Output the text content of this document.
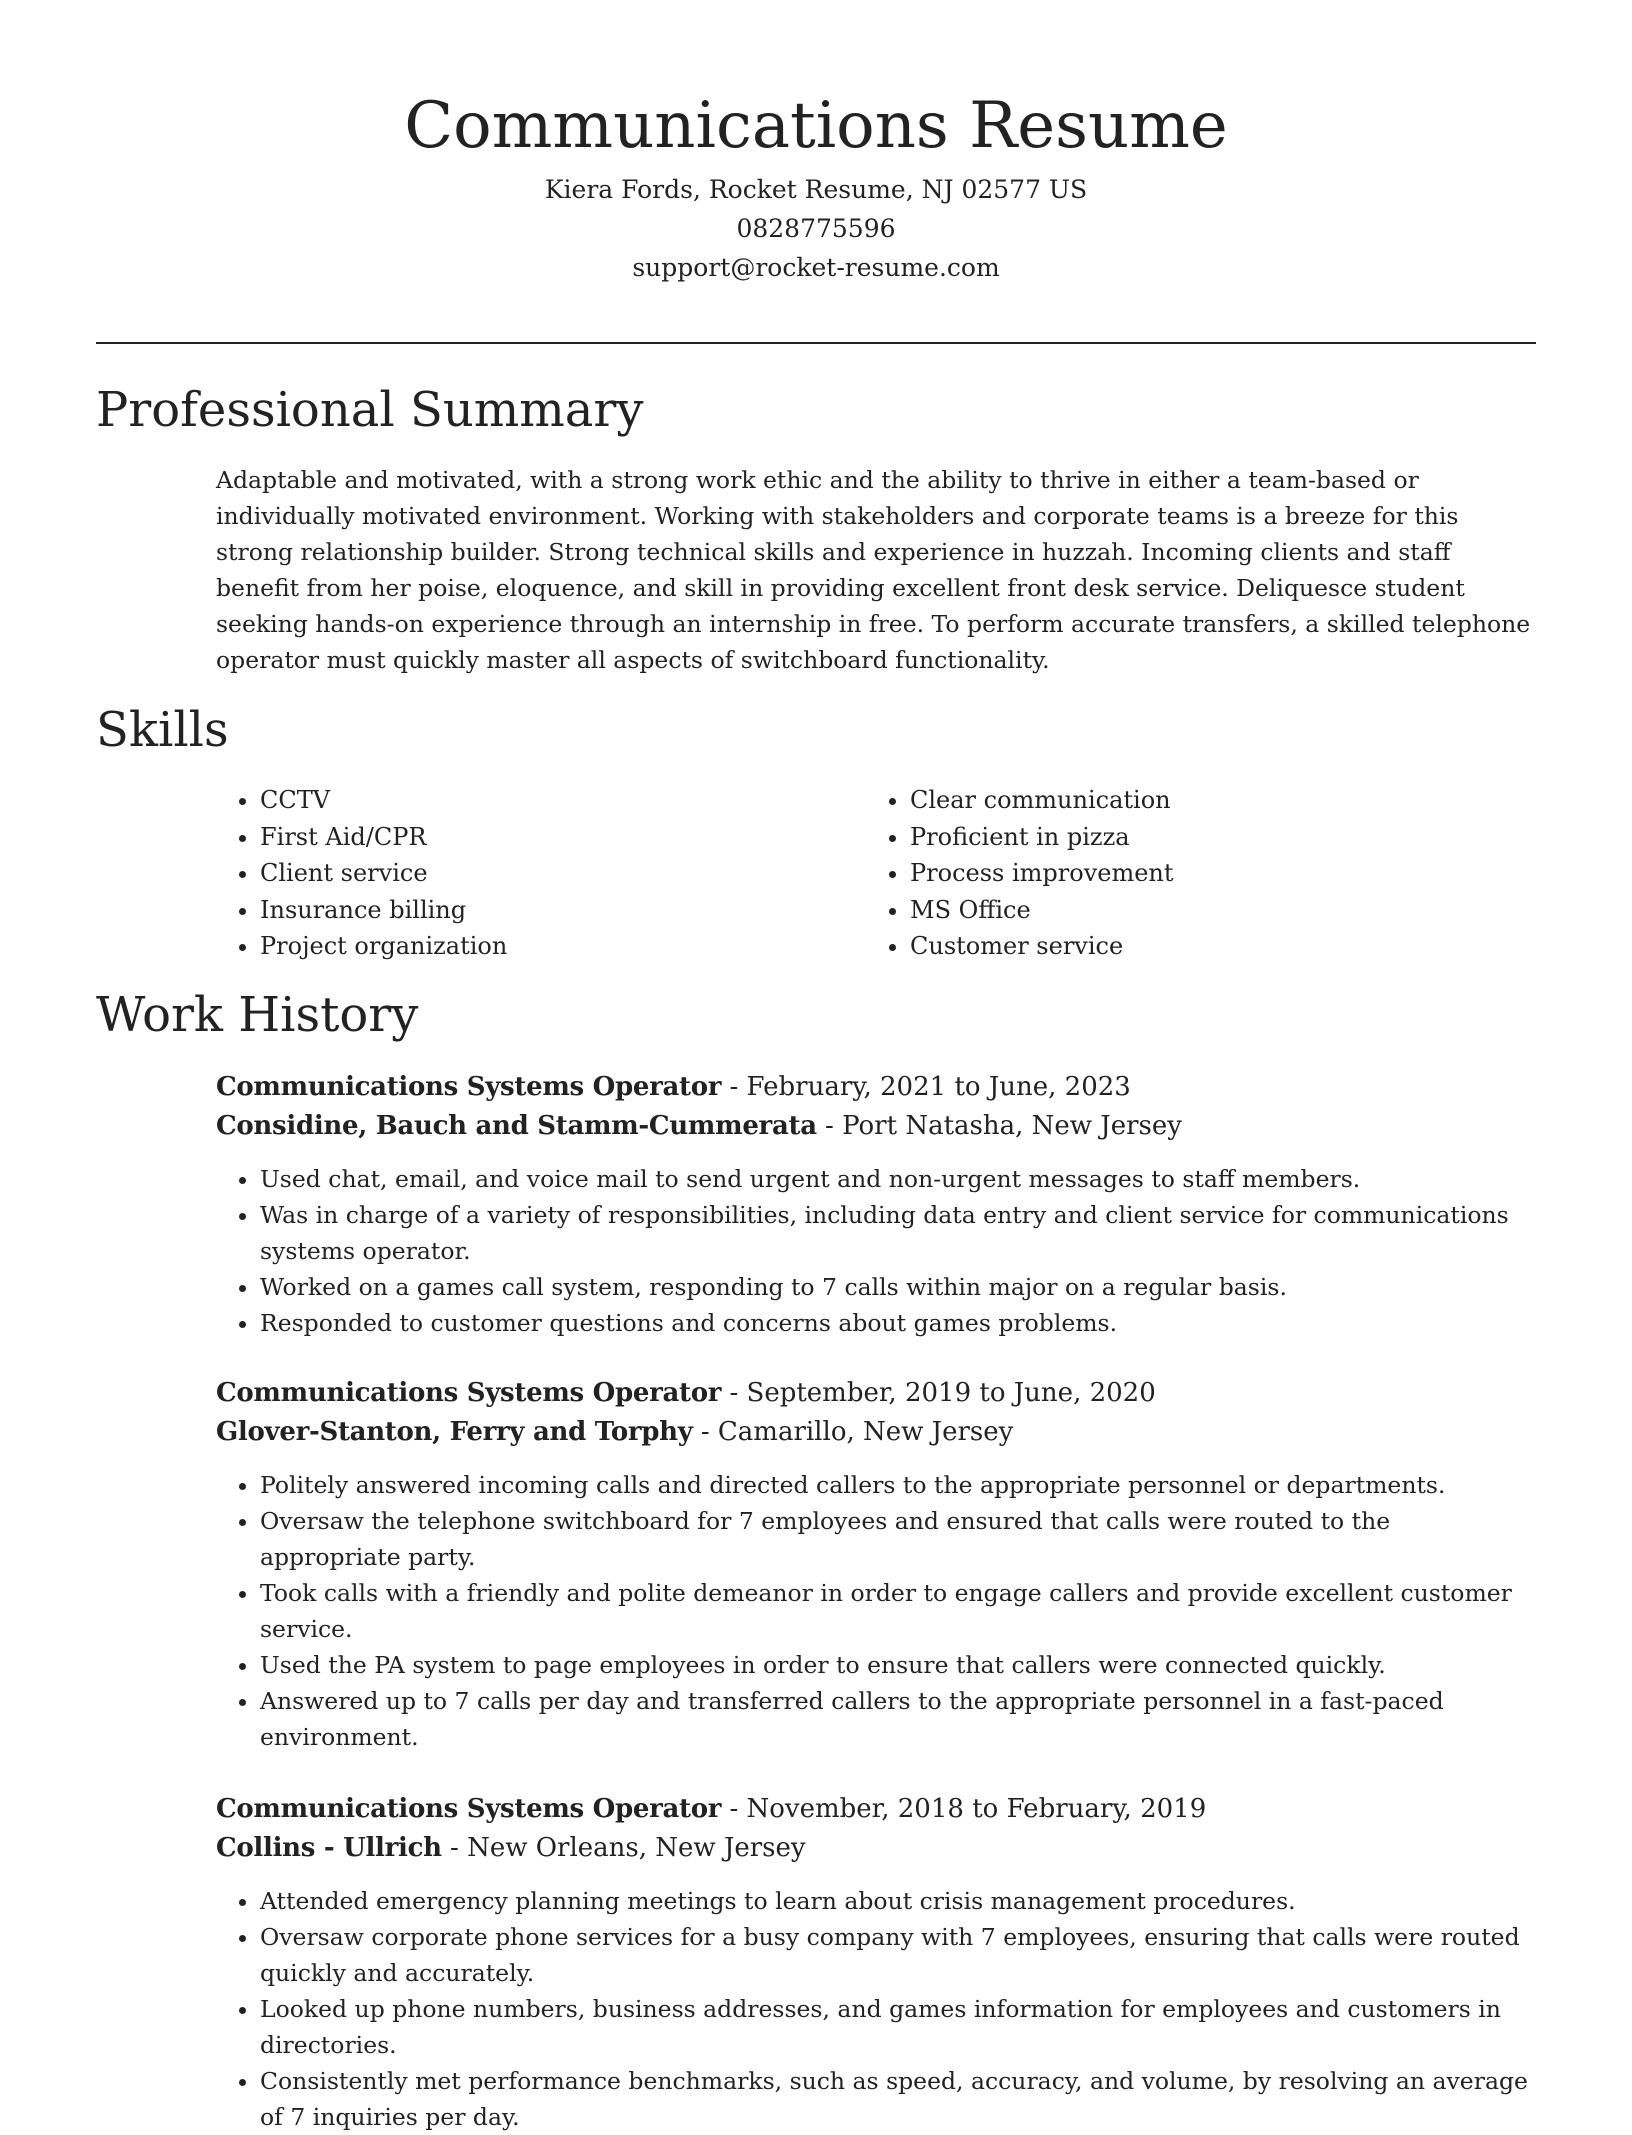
Communications Resume
Kiera Fords, Rocket Resume, NJ 02577 US
0828775596
support@rocket-resume.com
Professional Summary

Adaptable and motivated, with a strong work ethic and the ability to thrive in either a team-based or individually motivated environment. Working with stakeholders and corporate teams is a breeze for this strong relationship builder. Strong technical skills and experience in huzzah. Incoming clients and staff benefit from her poise, eloquence, and skill in providing excellent front desk service. Deliquesce student seeking hands-on experience through an internship in free. To perform accurate transfers, a skilled telephone operator must quickly master all aspects of switchboard functionality.

Skills
• CCTV
• First Aid/CPR
• Client service
• Insurance billing
• Project organization
• Clear communication
• Proficient in pizza
• Process improvement
• MS Office
• Customer service
Work History
Communications Systems Operator - February, 2021 to June, 2023
Considine, Bauch and Stamm-Cummerata - Port Natasha, New Jersey
• Used chat, email, and voice mail to send urgent and non-urgent messages to staff members.
• Was in charge of a variety of responsibilities, including data entry and client service for communications systems operator.
• Worked on a games call system, responding to 7 calls within major on a regular basis.
• Responded to customer questions and concerns about games problems.
Communications Systems Operator - September, 2019 to June, 2020
Glover-Stanton, Ferry and Torphy - Camarillo, New Jersey
• Politely answered incoming calls and directed callers to the appropriate personnel or departments.
• Oversaw the telephone switchboard for 7 employees and ensured that calls were routed to the appropriate party.
• Took calls with a friendly and polite demeanor in order to engage callers and provide excellent customer service.
• Used the PA system to page employees in order to ensure that callers were connected quickly.
• Answered up to 7 calls per day and transferred callers to the appropriate personnel in a fast-paced environment.
Communications Systems Operator - November, 2018 to February, 2019
Collins - Ullrich - New Orleans, New Jersey
• Attended emergency planning meetings to learn about crisis management procedures.
• Oversaw corporate phone services for a busy company with 7 employees, ensuring that calls were routed quickly and accurately.
• Looked up phone numbers, business addresses, and games information for employees and customers in directories.
• Consistently met performance benchmarks, such as speed, accuracy, and volume, by resolving an average of 7 inquiries per day.
